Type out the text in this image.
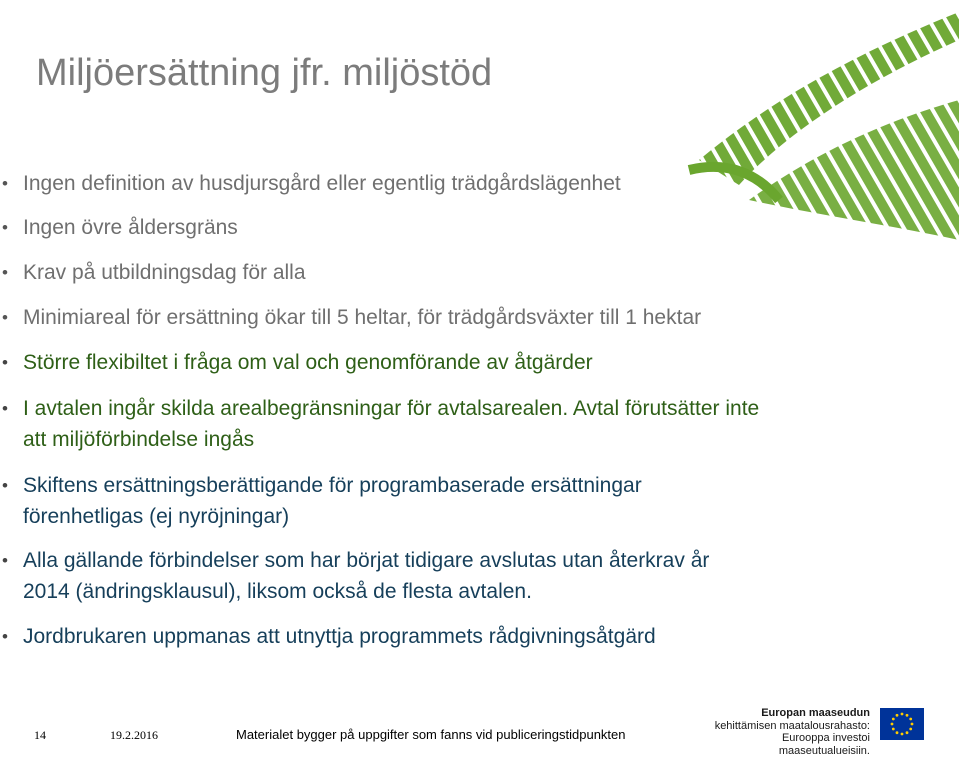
Miljöersättning jfr. miljöstöd
• Ingen definition av husdjursgård eller egentlig trädgårdslägenhet
• Ingen övre åldersgräns
• Krav på utbildningsdag för alla
• Minimiareal för ersättning ökar till 5 heltar, för trädgårdsväxter till 1 hektar
• Större flexibiltet i fråga om val och genomförande av åtgärder
• I avtalen ingår skilda arealbegränsningar för avtalsarealen. Avtal förutsätter inte
att miljöförbindelse ingås
• Skiftens ersättningsberättigande för programbaserade ersättningar
förenhetligas (ej nyröjningar)
• Alla gällande förbindelser som har börjat tidigare avslutas utan återkrav år
2014 (ändringsklausul), liksom också de flesta avtalen.
• Jordbrukaren uppmanas att utnyttja programmets rådgivningsåtgärd
14	19.2.2016	Materialet bygger på uppgifter som fanns vid publiceringstidpunkten
Europan maaseudun
kehittämisen maatalousrahasto:
Eurooppa investoi maaseutualueisiin.
